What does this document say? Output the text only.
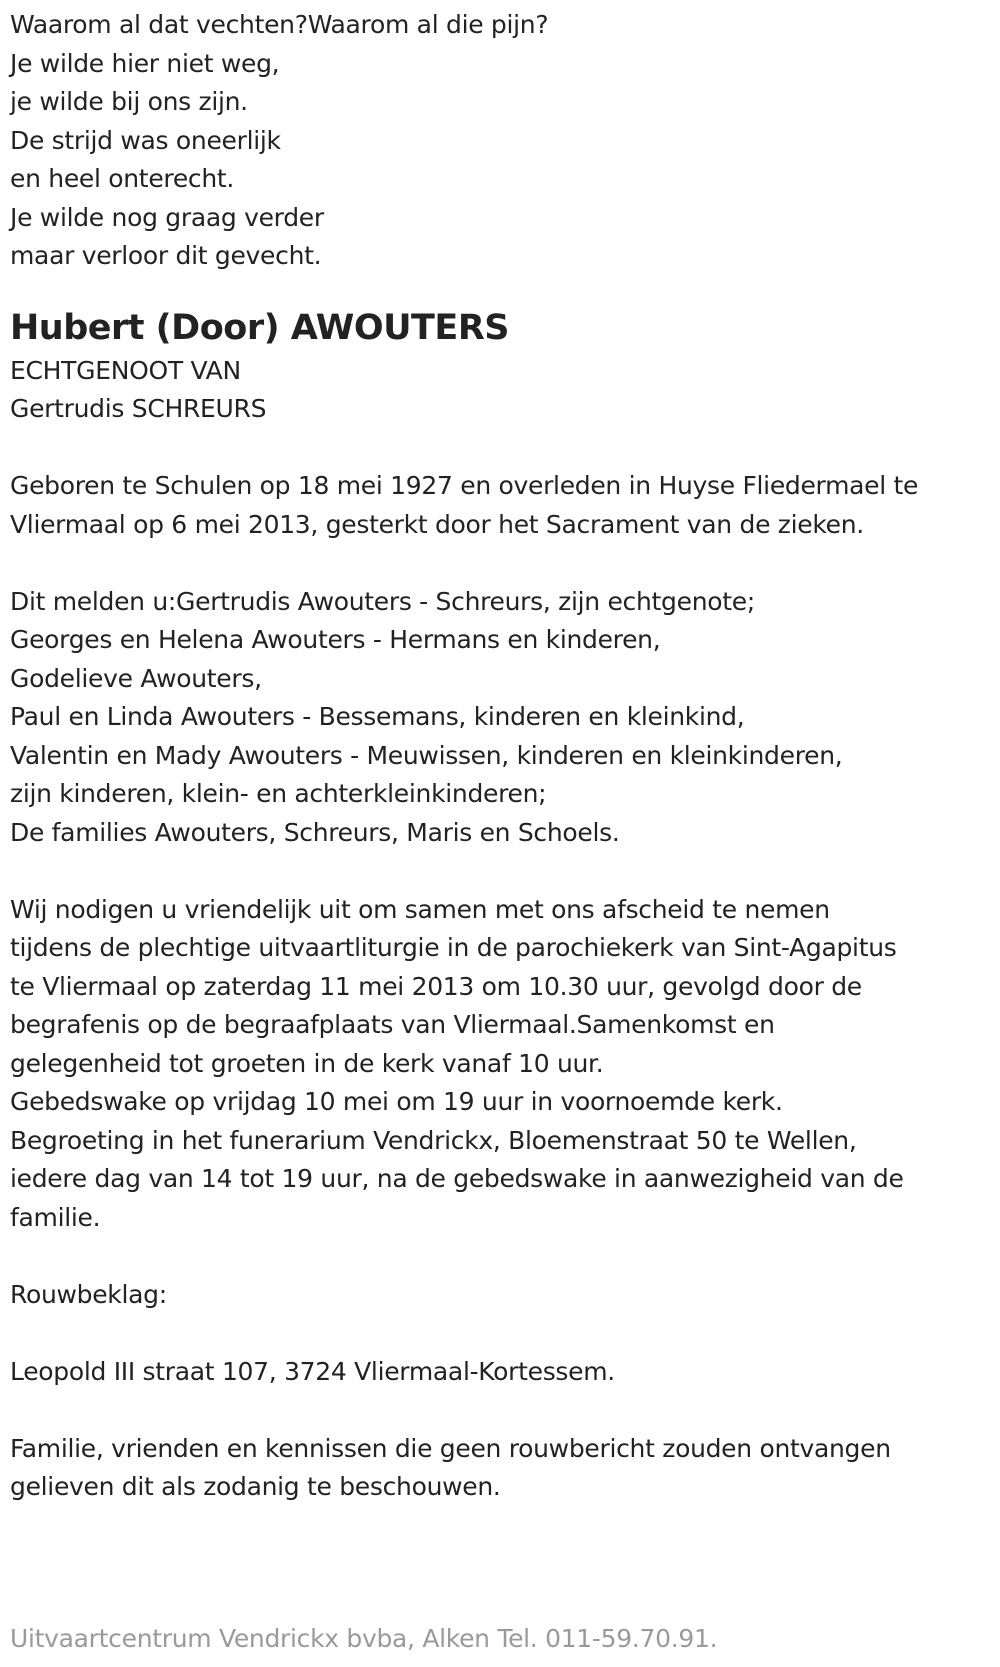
Waarom al dat vechten?Waarom al die pijn?
Je wilde hier niet weg,
je wilde bij ons zijn.
De strijd was oneerlijk
en heel onterecht.
Je wilde nog graag verder
maar verloor dit gevecht.
Hubert (Door) AWOUTERS
ECHTGENOOT VAN
Gertrudis SCHREURS
Geboren te Schulen op 18 mei 1927 en overleden in Huyse Fliedermael te
Vliermaal op 6 mei 2013, gesterkt door het Sacrament van de zieken.
Dit melden u:Gertrudis Awouters - Schreurs, zijn echtgenote;
Georges en Helena Awouters - Hermans en kinderen,
Godelieve Awouters,
Paul en Linda Awouters - Bessemans, kinderen en kleinkind,
Valentin en Mady Awouters - Meuwissen, kinderen en kleinkinderen,
zijn kinderen, klein- en achterkleinkinderen;
De families Awouters, Schreurs, Maris en Schoels.
Wij nodigen u vriendelijk uit om samen met ons afscheid te nemen
tijdens de plechtige uitvaartliturgie in de parochiekerk van Sint-Agapitus
te Vliermaal op zaterdag 11 mei 2013 om 10.30 uur, gevolgd door de
begrafenis op de begraafplaats van Vliermaal.Samenkomst en
gelegenheid tot groeten in de kerk vanaf 10 uur.
Gebedswake op vrijdag 10 mei om 19 uur in voornoemde kerk.
Begroeting in het funerarium Vendrickx, Bloemenstraat 50 te Wellen,
iedere dag van 14 tot 19 uur, na de gebedswake in aanwezigheid van de
familie.
Rouwbeklag:
Leopold III straat 107, 3724 Vliermaal-Kortessem.
Familie, vrienden en kennissen die geen rouwbericht zouden ontvangen
gelieven dit als zodanig te beschouwen.
Uitvaartcentrum Vendrickx bvba, Alken Tel. 011-59.70.91.
